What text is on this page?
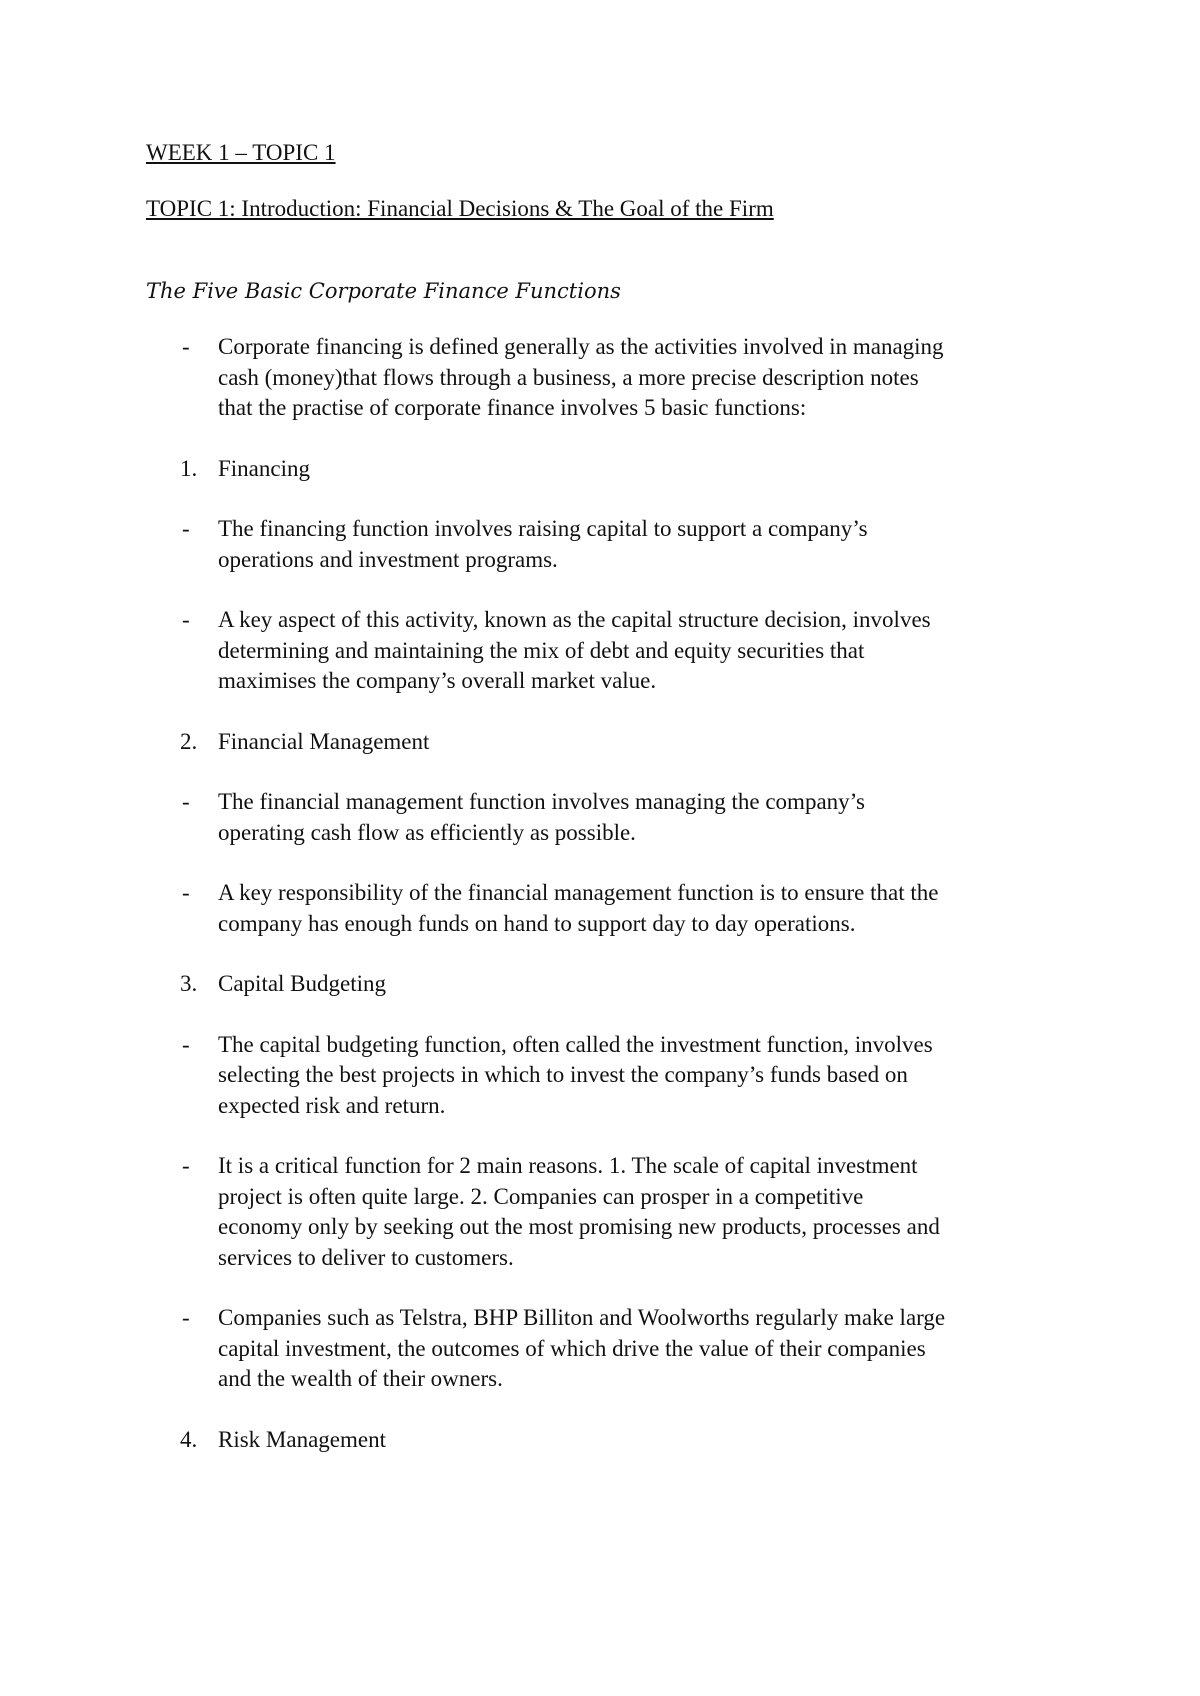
WEEK 1 – TOPIC 1

TOPIC 1: Introduction: Financial Decisions & The Goal of the Firm

The Five Basic Corporate Finance Functions

- Corporate financing is defined generally as the activities involved in managing
cash (money)that flows through a business, a more precise description notes
that the practise of corporate finance involves 5 basic functions:
1. Financing
- The financing function involves raising capital to support a company’s
operations and investment programs.
- A key aspect of this activity, known as the capital structure decision, involves
determining and maintaining the mix of debt and equity securities that
maximises the company’s overall market value.
2. Financial Management
- The financial management function involves managing the company’s
operating cash flow as efficiently as possible.
- A key responsibility of the financial management function is to ensure that the
company has enough funds on hand to support day to day operations.
3. Capital Budgeting
- The capital budgeting function, often called the investment function, involves
selecting the best projects in which to invest the company’s funds based on
expected risk and return.
- It is a critical function for 2 main reasons. 1. The scale of capital investment
project is often quite large. 2. Companies can prosper in a competitive
economy only by seeking out the most promising new products, processes and
services to deliver to customers.
- Companies such as Telstra, BHP Billiton and Woolworths regularly make large
capital investment, the outcomes of which drive the value of their companies
and the wealth of their owners.
4. Risk Management
